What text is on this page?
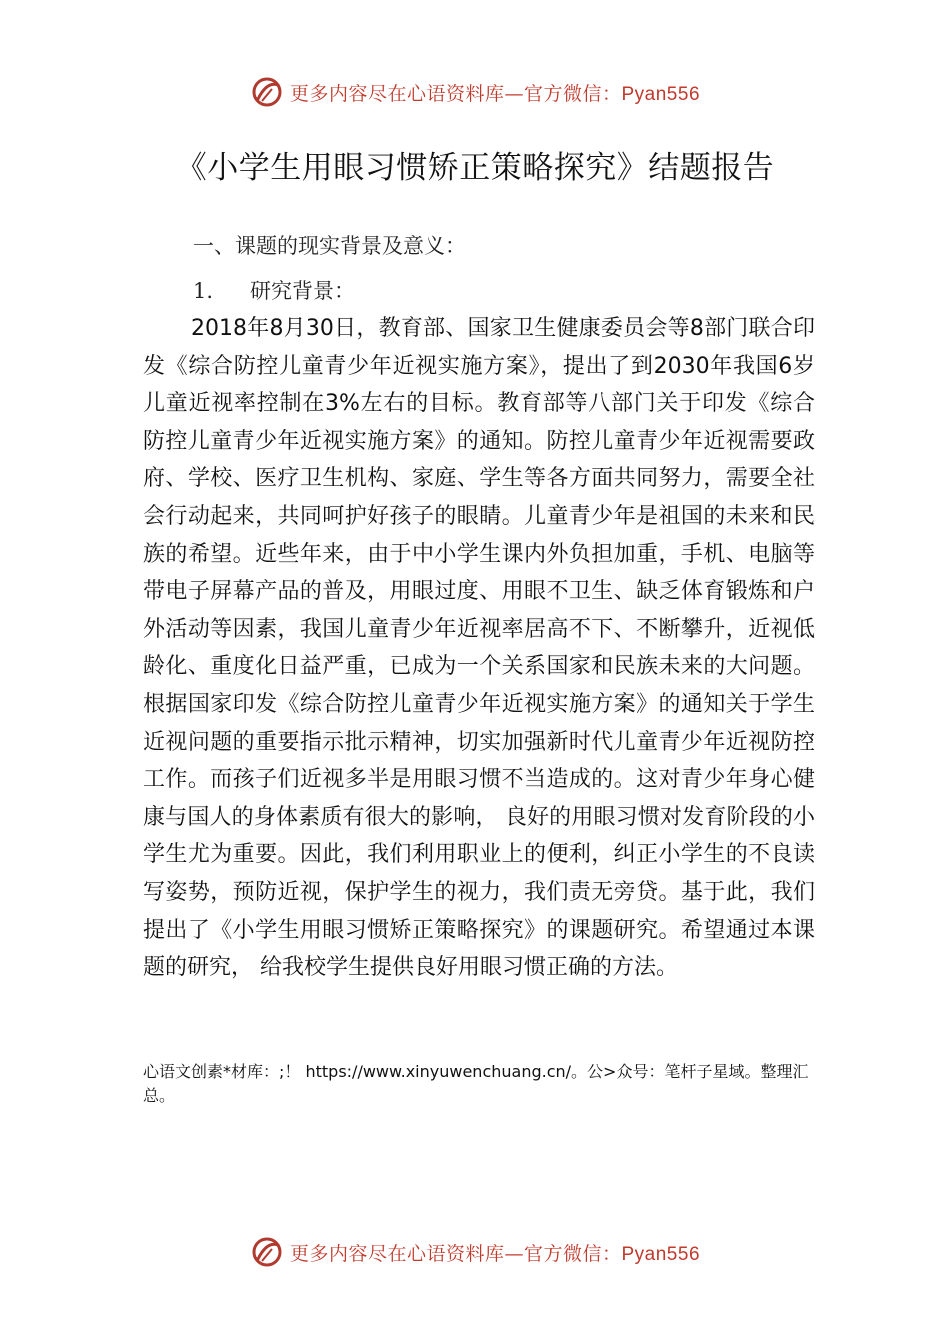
更多内容尽在心语资料库—官方微信：Pyan556
《小学生用眼习惯矫正策略探究》结题报告
一、课题的现实背景及意义：
1. 研究背景：
2018年8月30日，教育部、国家卫生健康委员会等8部门联合印发《综合防控儿童青少年近视实施方案》，提出了到2030年我国6岁儿童近视率控制在3%左右的目标。教育部等八部门关于印发《综合防控儿童青少年近视实施方案》的通知。防控儿童青少年近视需要政府、学校、医疗卫生机构、家庭、学生等各方面共同努力，需要全社会行动起来，共同呵护好孩子的眼睛。儿童青少年是祖国的未来和民族的希望。近些年来，由于中小学生课内外负担加重，手机、电脑等带电子屏幕产品的普及，用眼过度、用眼不卫生、缺乏体育锻炼和户外活动等因素，我国儿童青少年近视率居高不下、不断攀升，近视低龄化、重度化日益严重，已成为一个关系国家和民族未来的大问题。根据国家印发《综合防控儿童青少年近视实施方案》的通知关于学生近视问题的重要指示批示精神，切实加强新时代儿童青少年近视防控工作。而孩子们近视多半是用眼习惯不当造成的。这对青少年身心健康与国人的身体素质有很大的影响， 良好的用眼习惯对发育阶段的小学生尤为重要。因此，我们利用职业上的便利，纠正小学生的不良读写姿势，预防近视，保护学生的视力，我们责无旁贷。基于此，我们提出了《小学生用眼习惯矫正策略探究》的课题研究。希望通过本课题的研究， 给我校学生提供良好用眼习惯正确的方法。
心语文创素*材库：;！ https://www.xinyuwenchuang.cn/。公>众号：笔杆子星域。整理汇总。
更多内容尽在心语资料库—官方微信：Pyan556
